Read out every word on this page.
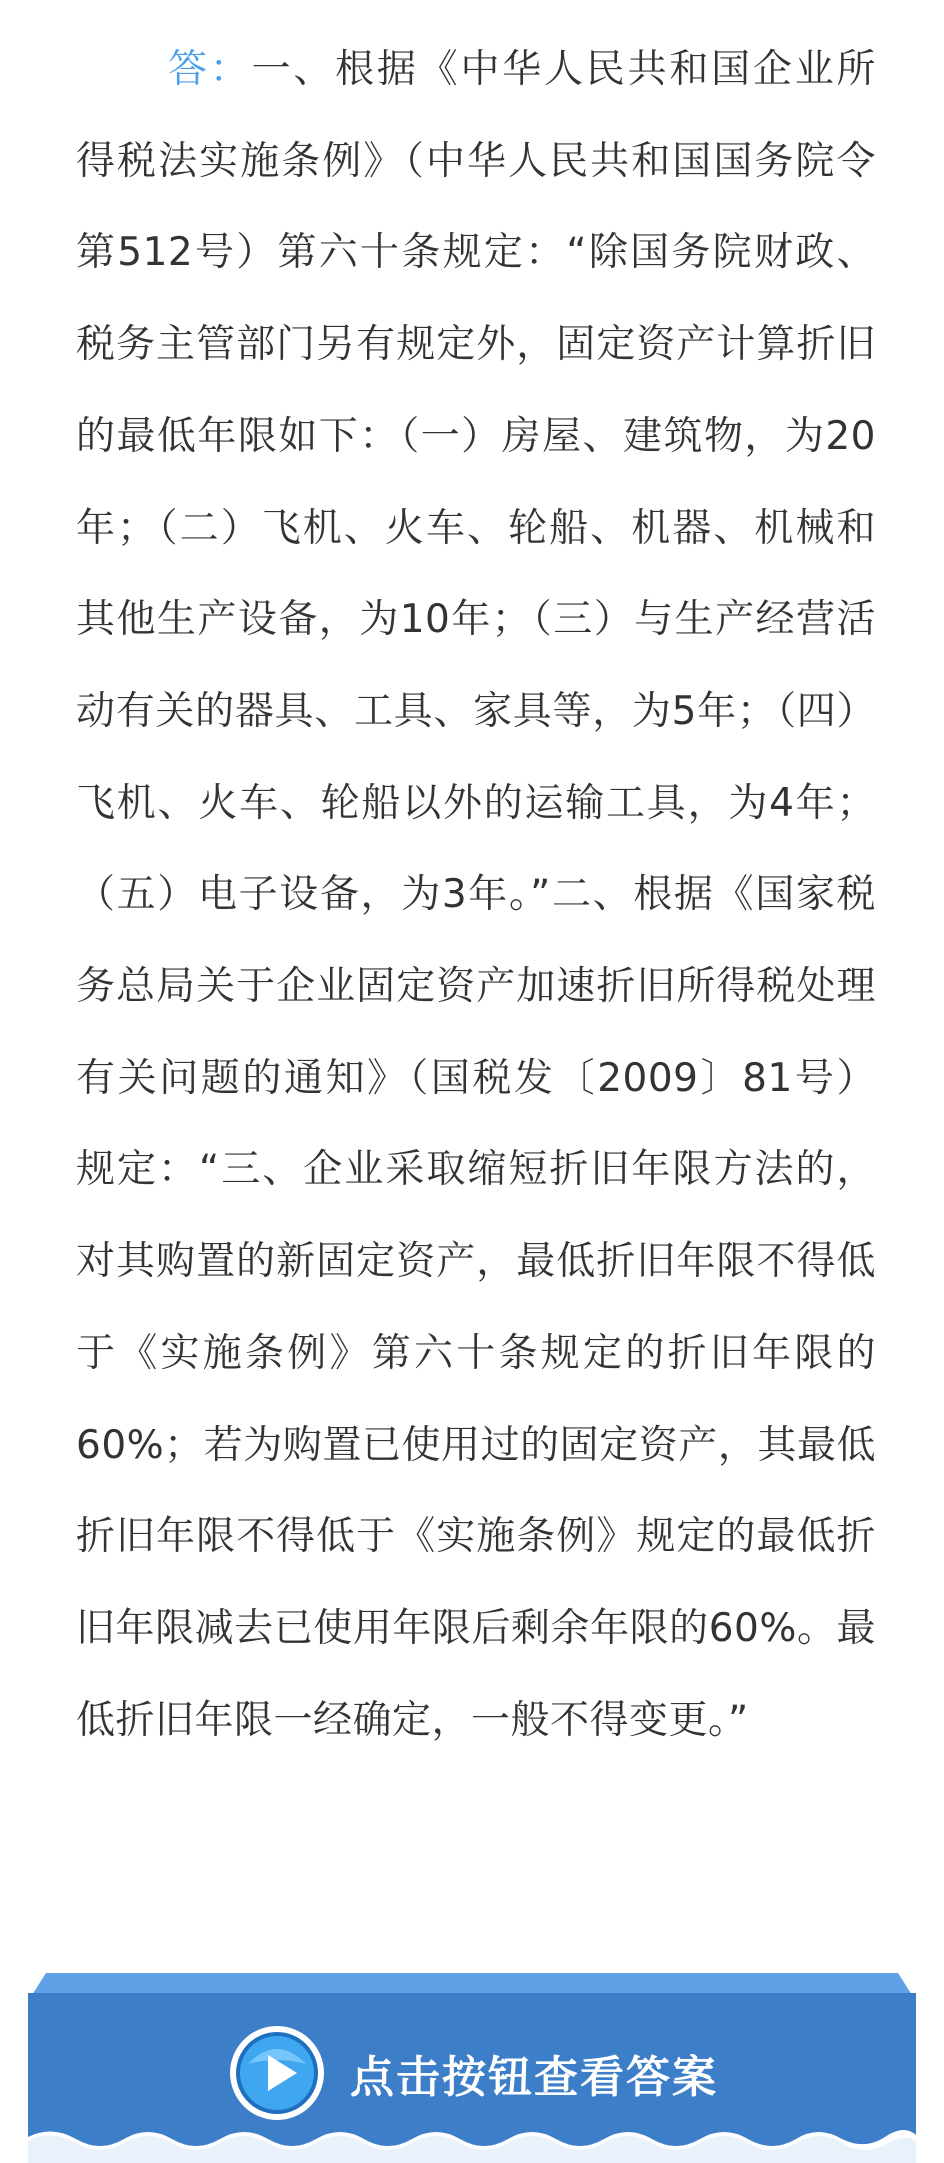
答：一、根据《中华人民共和国企业所得税法实施条例》（中华人民共和国国务院令第512号）第六十条规定：“除国务院财政、税务主管部门另有规定外，固定资产计算折旧的最低年限如下：（一）房屋、建筑物，为20年；（二）飞机、火车、轮船、机器、机械和其他生产设备，为10年；（三）与生产经营活动有关的器具、工具、家具等，为5年；（四）飞机、火车、轮船以外的运输工具，为4年；（五）电子设备，为3年。”二、根据《国家税务总局关于企业固定资产加速折旧所得税处理有关问题的通知》（国税发〔2009〕81号）规定：“三、企业采取缩短折旧年限方法的，对其购置的新固定资产，最低折旧年限不得低于《实施条例》第六十条规定的折旧年限的60%；若为购置已使用过的固定资产，其最低折旧年限不得低于《实施条例》规定的最低折旧年限减去已使用年限后剩余年限的60%。最低折旧年限一经确定，一般不得变更。”

点击按钮查看答案
